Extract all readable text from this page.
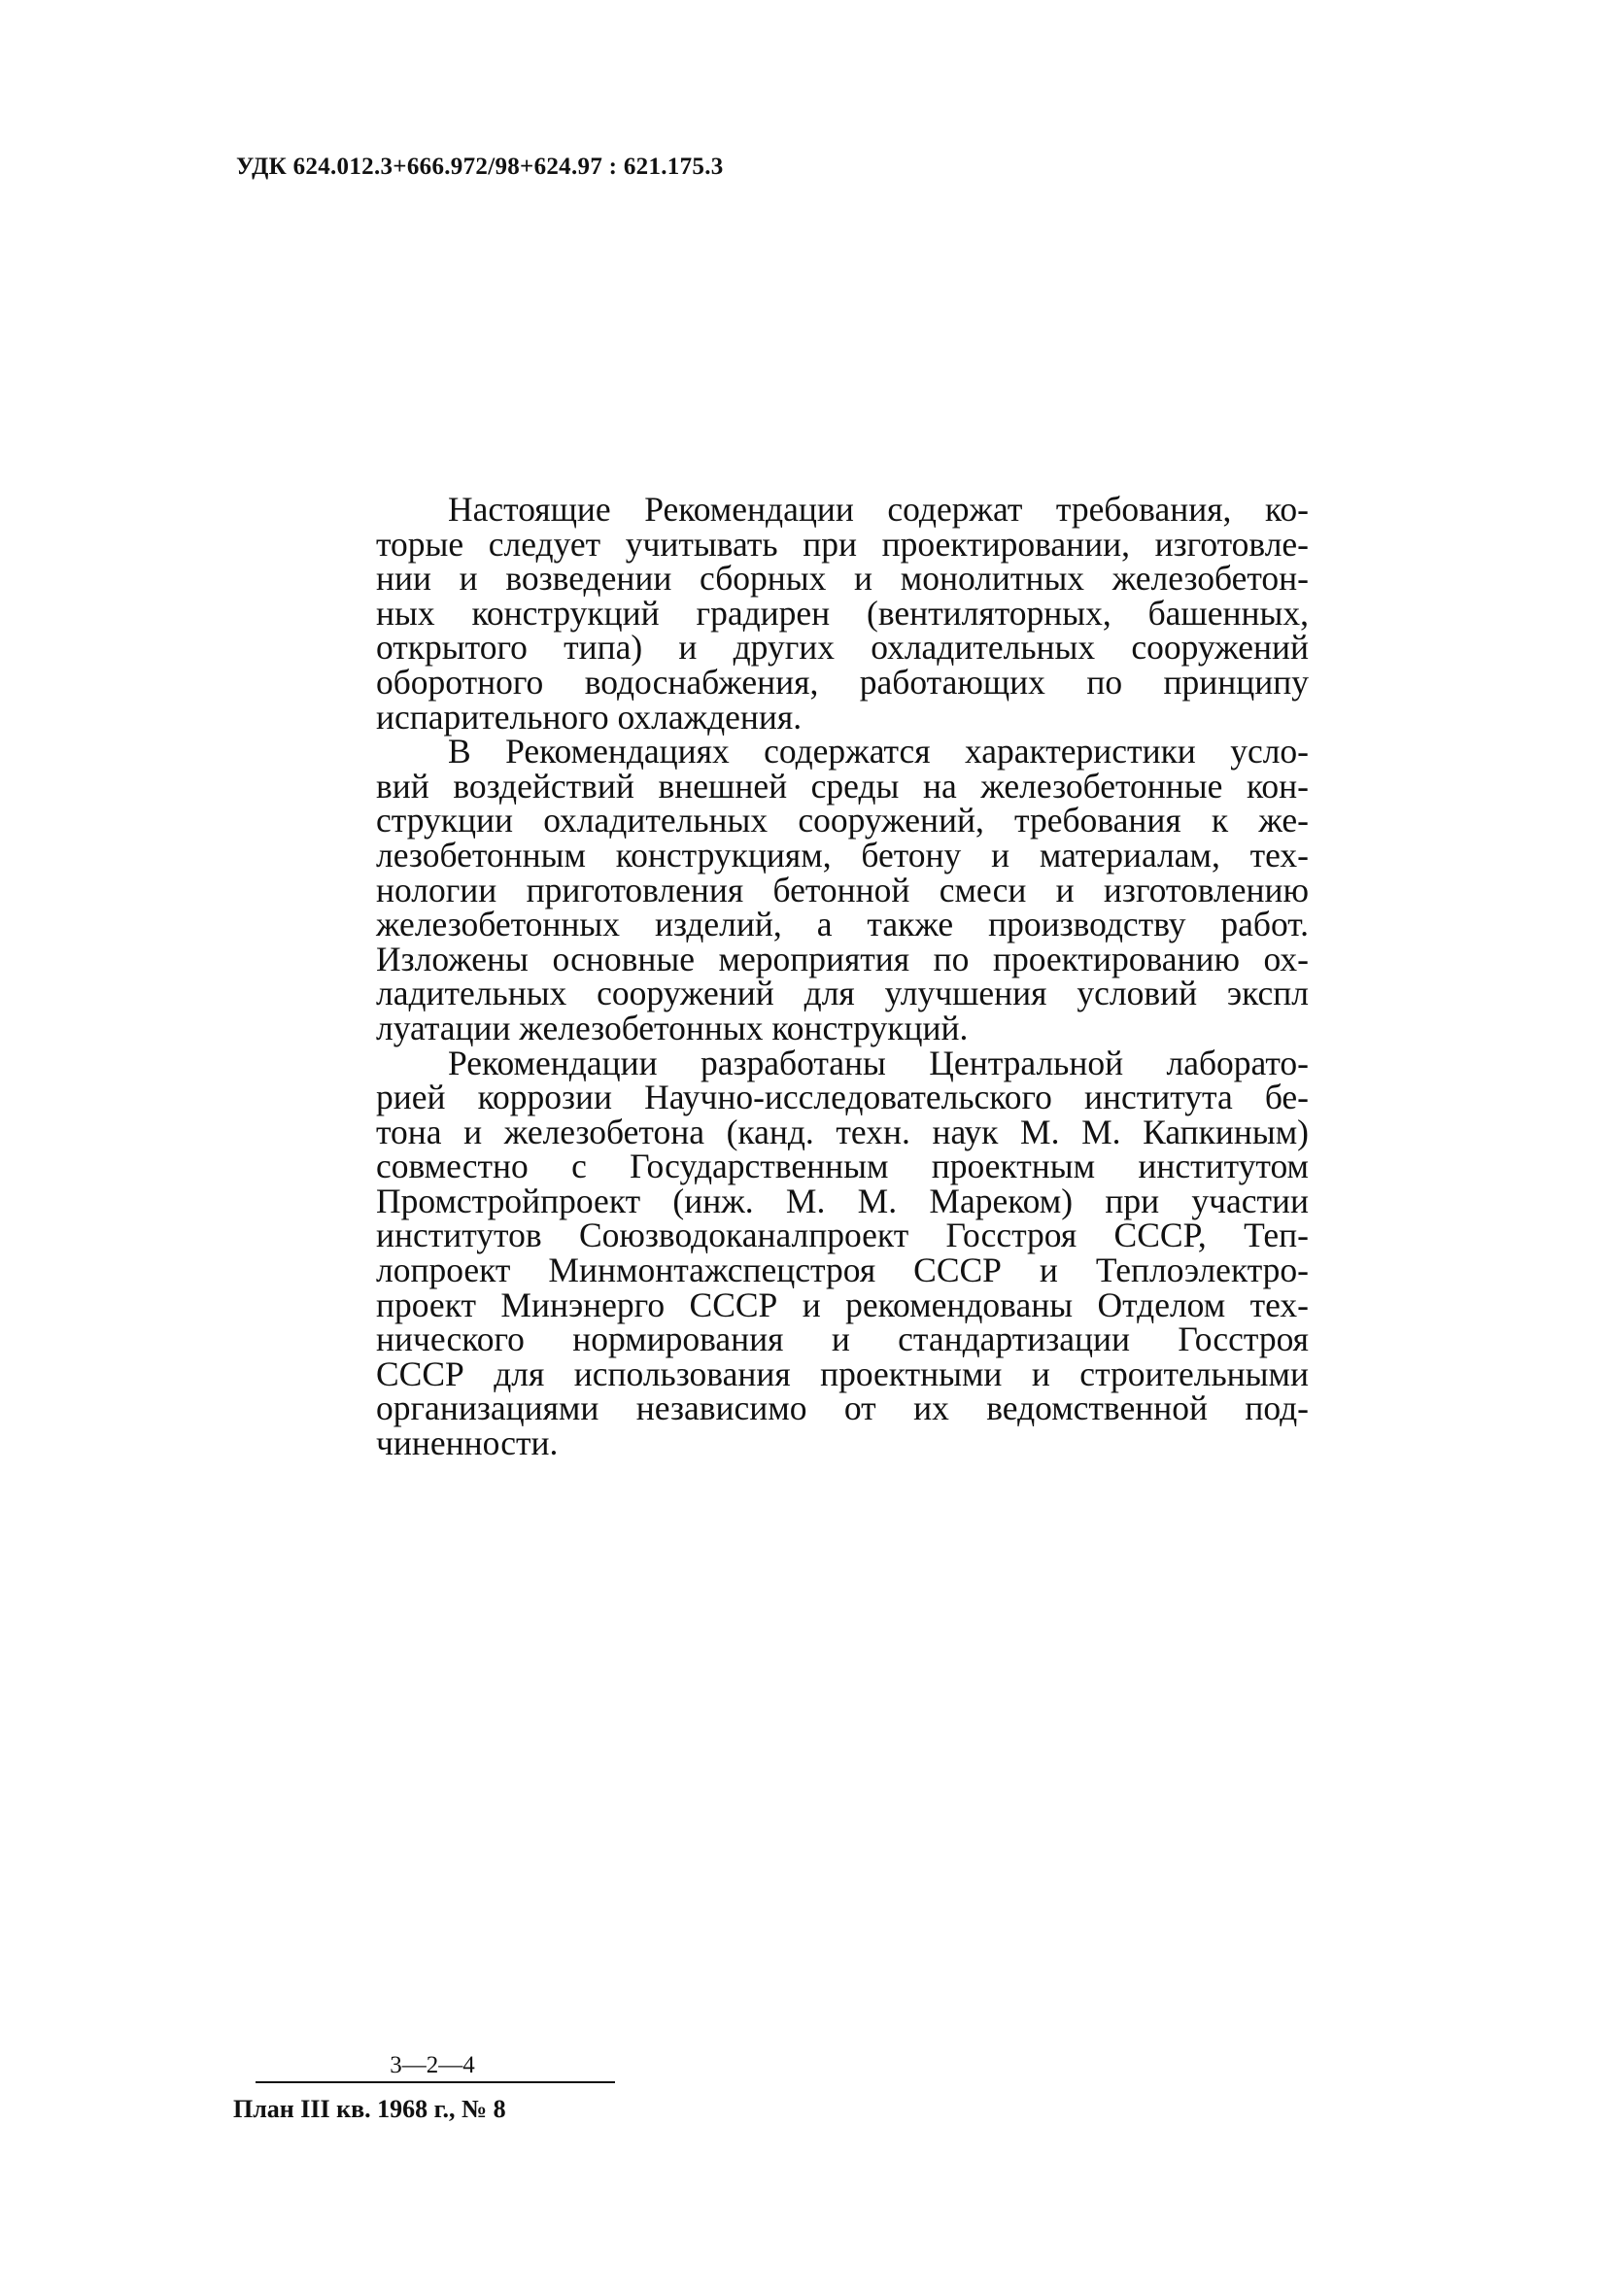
УДК 624.012.3+666.972/98+624.97 : 621.175.3

Настоящие Рекомендации содержат требования, ко-
торые следует учитывать при проектировании, изготовле-
нии и возведении сборных и монолитных железобетон-
ных конструкций градирен (вентиляторных, башенных,
открытого типа) и других охладительных сооружений
оборотного водоснабжения, работающих по принципу
испарительного охлаждения.

В Рекомендациях содержатся характеристики усло-
вий воздействий внешней среды на железобетонные кон-
струкции охладительных сооружений, требования к же-
лезобетонным конструкциям, бетону и материалам, тех-
нологии приготовления бетонной смеси и изготовлению
железобетонных изделий, а также производству работ.
Изложены основные мероприятия по проектированию ох-
ладительных сооружений для улучшения условий экспл
луатации железобетонных конструкций.

Рекомендации разработаны Центральной лаборато-
рией коррозии Научно-исследовательского института бе-
тона и железобетона (канд. техн. наук М. М. Капкиным)
совместно с Государственным проектным институтом
Промстройпроект (инж. М. М. Мареком) при участии
институтов Союзводоканалпроект Госстроя СССР, Теп-
лопроект Минмонтажспецстроя СССР и Теплоэлектро-
проект Минэнерго СССР и рекомендованы Отделом тех-
нического нормирования и стандартизации Госстроя
СССР для использования проектными и строительными
организациями независимо от их ведомственной под-
чиненности.

3—2—4
План III кв. 1968 г., № 8
